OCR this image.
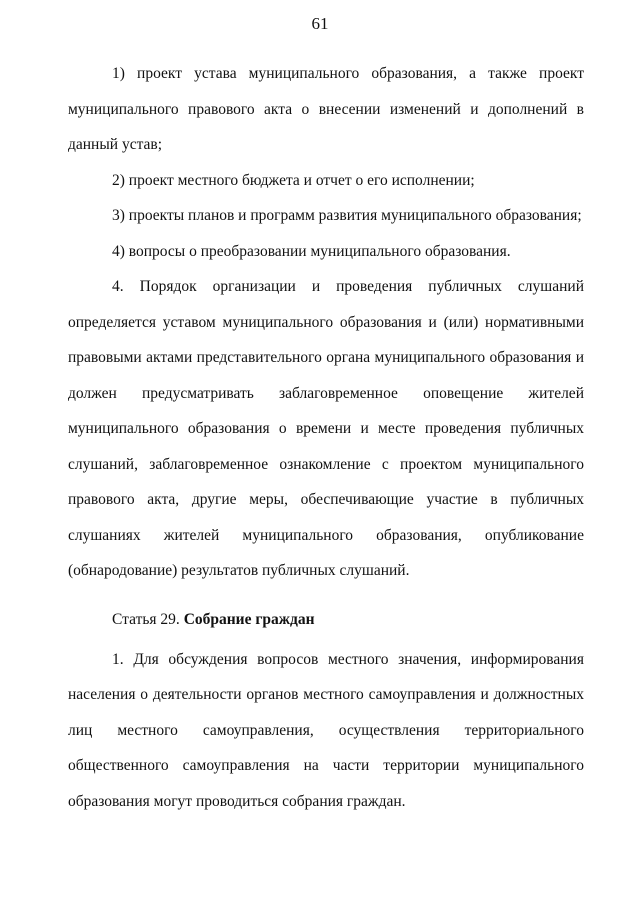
61

1) проект устава муниципального образования, а также проект муниципального правового акта о внесении изменений и дополнений в данный устав;

2) проект местного бюджета и отчет о его исполнении;

3) проекты планов и программ развития муниципального образования;

4) вопросы о преобразовании муниципального образования.

4. Порядок организации и проведения публичных слушаний определяется уставом муниципального образования и (или) нормативными правовыми актами представительного органа муниципального образования и должен предусматривать заблаговременное оповещение жителей муниципального образования о времени и месте проведения публичных слушаний, заблаговременное ознакомление с проектом муниципального правового акта, другие меры, обеспечивающие участие в публичных слушаниях жителей муниципального образования, опубликование (обнародование) результатов публичных слушаний.

Статья 29. Собрание граждан

1. Для обсуждения вопросов местного значения, информирования населения о деятельности органов местного самоуправления и должностных лиц местного самоуправления, осуществления территориального общественного самоуправления на части территории муниципального образования могут проводиться собрания граждан.
